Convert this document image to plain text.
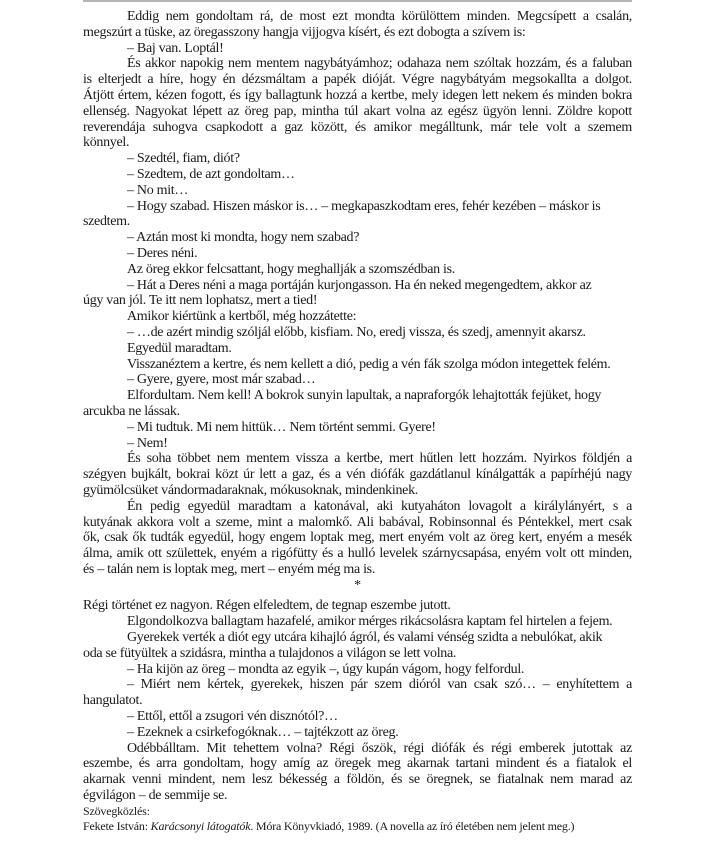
Eddig nem gondoltam rá, de most ezt mondta körülöttem minden. Megcsípett a csalán,
megszúrt a tüske, az öregasszony hangja vijjogva kísért, és ezt dobogta a szívem is:
– Baj van. Loptál!
És akkor napokig nem mentem nagybátyámhoz; odahaza nem szóltak hozzám, és a faluban
is elterjedt a híre, hogy én dézsmáltam a papék dióját. Végre nagybátyám megsokallta a dolgot.
Átjött értem, kézen fogott, és így ballagtunk hozzá a kertbe, mely idegen lett nekem és minden bokra
ellenség. Nagyokat lépett az öreg pap, mintha túl akart volna az egész ügyön lenni. Zöldre kopott
reverendája suhogva csapkodott a gaz között, és amikor megálltunk, már tele volt a szemem
könnyel.
– Szedtél, fiam, diót?
– Szedtem, de azt gondoltam…
– No mit…
– Hogy szabad. Hiszen máskor is… – megkapaszkodtam eres, fehér kezében – máskor is
szedtem.
– Aztán most ki mondta, hogy nem szabad?
– Deres néni.
Az öreg ekkor felcsattant, hogy meghallják a szomszédban is.
– Hát a Deres néni a maga portáján kurjongasson. Ha én neked megengedtem, akkor az
úgy van jól. Te itt nem lophatsz, mert a tied!
Amikor kiértünk a kertből, még hozzátette:
– …de azért mindig szóljál előbb, kisfiam. No, eredj vissza, és szedj, amennyit akarsz.
Egyedül maradtam.
Visszanéztem a kertre, és nem kellett a dió, pedig a vén fák szolga módon integettek felém.
– Gyere, gyere, most már szabad…
Elfordultam. Nem kell! A bokrok sunyin lapultak, a napraforgók lehajtották fejüket, hogy
arcukba ne lássak.
– Mi tudtuk. Mi nem hittük… Nem történt semmi. Gyere!
– Nem!
És soha többet nem mentem vissza a kertbe, mert hűtlen lett hozzám. Nyirkos földjén a
szégyen bujkált, bokrai közt úr lett a gaz, és a vén diófák gazdátlanul kínálgatták a papírhéjú nagy
gyümölcsüket vándormadaraknak, mókusoknak, mindenkinek.
Én pedig egyedül maradtam a katonával, aki kutyaháton lovagolt a királylányért, s a
kutyának akkora volt a szeme, mint a malomkő. Ali babával, Robinsonnal és Péntekkel, mert csak
ők, csak ők tudták egyedül, hogy engem loptak meg, mert enyém volt az öreg kert, enyém a mesék
álma, amik ott születtek, enyém a rigófütty és a hulló levelek szárnycsapása, enyém volt ott minden,
és – talán nem is loptak meg, mert – enyém még ma is.
*
Régi történet ez nagyon. Régen elfeledtem, de tegnap eszembe jutott.
Elgondolkozva ballagtam hazafelé, amikor mérges rikácsolásra kaptam fel hirtelen a fejem.
Gyerekek verték a diót egy utcára kihajló ágról, és valami vénség szidta a nebulókat, akik
oda se fütyültek a szidásra, mintha a tulajdonos a világon se lett volna.
– Ha kijön az öreg – mondta az egyik –, úgy kupán vágom, hogy felfordul.
– Miért nem kértek, gyerekek, hiszen pár szem dióról van csak szó… – enyhítettem a
hangulatot.
– Ettől, ettől a zsugori vén disznótól?…
– Ezeknek a csirkefogóknak… – tajtékzott az öreg.
Odébbálltam. Mit tehettem volna? Régi őszök, régi diófák és régi emberek jutottak az
eszembe, és arra gondoltam, hogy amíg az öregek meg akarnak tartani mindent és a fiatalok el
akarnak venni mindent, nem lesz békesség a földön, és se öregnek, se fiatalnak nem marad az
égvilágon – de semmije se.
Szövegközlés:
Fekete István: Karácsonyi látogatók. Móra Könyvkiadó, 1989. (A novella az író életében nem jelent meg.)
